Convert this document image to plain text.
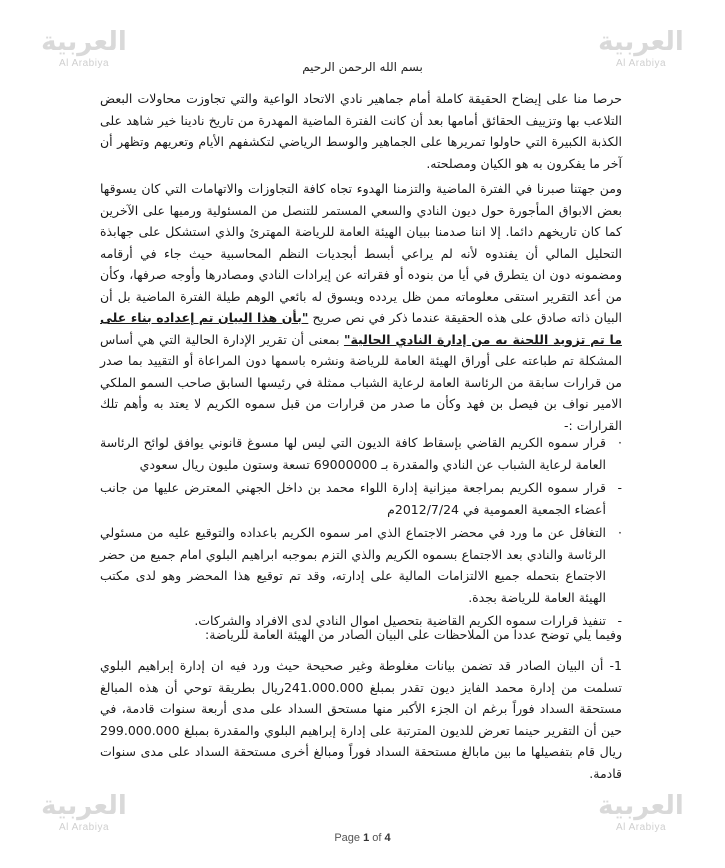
العربية
Al Arabiya
العربية
Al Arabiya
العربية
Al Arabiya
العربية
Al Arabiya
بسم الله الرحمن الرحيم

حرصا منا على إيضاح الحقيقة كاملة أمام جماهير نادي الاتحاد الواعية والتي تجاوزت محاولات البعض التلاعب بها وتزييف الحقائق أمامها بعد أن كانت الفترة الماضية المهدرة من تاريخ نادينا خير شاهد على الكذبة الكبيرة التي حاولوا تمريرها على الجماهير والوسط الرياضي لتكشفهم الأيام وتعريهم وتظهر أن آخر ما يفكرون به هو الكيان ومصلحته.

ومن جهتنا صبرنا في الفترة الماضية والتزمنا الهدوء تجاه كافة التجاوزات والاتهامات التي كان يسوقها بعض الابواق المأجورة حول ديون النادي والسعي المستمر للتنصل من المسئولية ورميها على الآخرين كما كان تاريخهم دائما. إلا اننا صدمنا ببيان الهيئة العامة للرياضة المهترئ والذي استشكل على جهابذة التحليل المالي أن يفندوه لأنه لم يراعي أبسط أبجديات النظم المحاسبية حيث جاء في أرقامه ومضمونه دون ان يتطرق في أيا من بنوده أو فقراته عن إيرادات النادي ومصادرها وأوجه صرفها، وكأن من أعد التقرير استقى معلوماته ممن ظل يردده ويسوق له بائعي الوهم طيلة الفترة الماضية بل أن البيان ذاته صادق على هذه الحقيقة عندما ذكر في نص صريح "بأن هذا البيان تم إعداده بناء على ما تم تزويد اللجنة به من إدارة النادي الحالية" بمعنى أن تقرير الإدارة الحالية التي هي أساس المشكلة تم طباعته على أوراق الهيئة العامة للرياضة ونشره باسمها دون المراعاة أو التقييد بما صدر من قرارات سابقة من الرئاسة العامة لرعاية الشباب ممثلة في رئيسها السابق صاحب السمو الملكي الامير نواف بن فيصل بن فهد وكأن ما صدر من قرارات من قبل سموه الكريم لا يعتد به وأهم تلك القرارات :-

·
قرار سموه الكريم القاضي بإسقاط كافة الديون التي ليس لها مسوغ قانوني يوافق لوائح الرئاسة العامة لرعاية الشباب عن النادي والمقدرة بـ 69000000 تسعة وستون مليون ريال سعودي

-
قرار سموه الكريم بمراجعة ميزانية إدارة اللواء محمد بن داخل الجهني المعترض عليها من جانب أعضاء الجمعية العمومية في 2012/7/24م

·
التغافل عن ما ورد في محضر الاجتماع الذي امر سموه الكريم باعداده والتوقيع عليه من مسئولي الرئاسة والنادي بعد الاجتماع بسموه الكريم والذي التزم بموجبه ابراهيم البلوي امام جميع من حضر الاجتماع بتحمله جميع الالتزامات المالية على إدارته، وقد تم توقيع هذا المحضر وهو لدى مكتب الهيئة العامة للرياضة بجدة.

-
تنفيذ قرارات سموه الكريم القاضية بتحصيل اموال النادي لدى الافراد والشركات.

وفيما يلي توضح عددا من الملاحظات على البيان الصادر من الهيئة العامة للرياضة:

1- أن البيان الصادر قد تضمن بيانات مغلوطة وغير صحيحة حيث ورد فيه ان إدارة إبراهيم البلوي تسلمت من إدارة محمد الفايز ديون تقدر بمبلغ 241.000.000ريال بطريقة توحي أن هذه المبالغ مستحقة السداد فوراً برغم ان الجزء الأكبر منها مستحق السداد على مدى أربعة سنوات قادمة، في حين أن التقرير حينما تعرض للديون المترتبة على إدارة إبراهيم البلوي والمقدرة بمبلغ 299.000.000 ريال قام بتفصيلها ما بين مابالغ مستحقة السداد فوراً ومبالغ أخرى مستحقة السداد على مدى سنوات قادمة.

Page 1 of 4
